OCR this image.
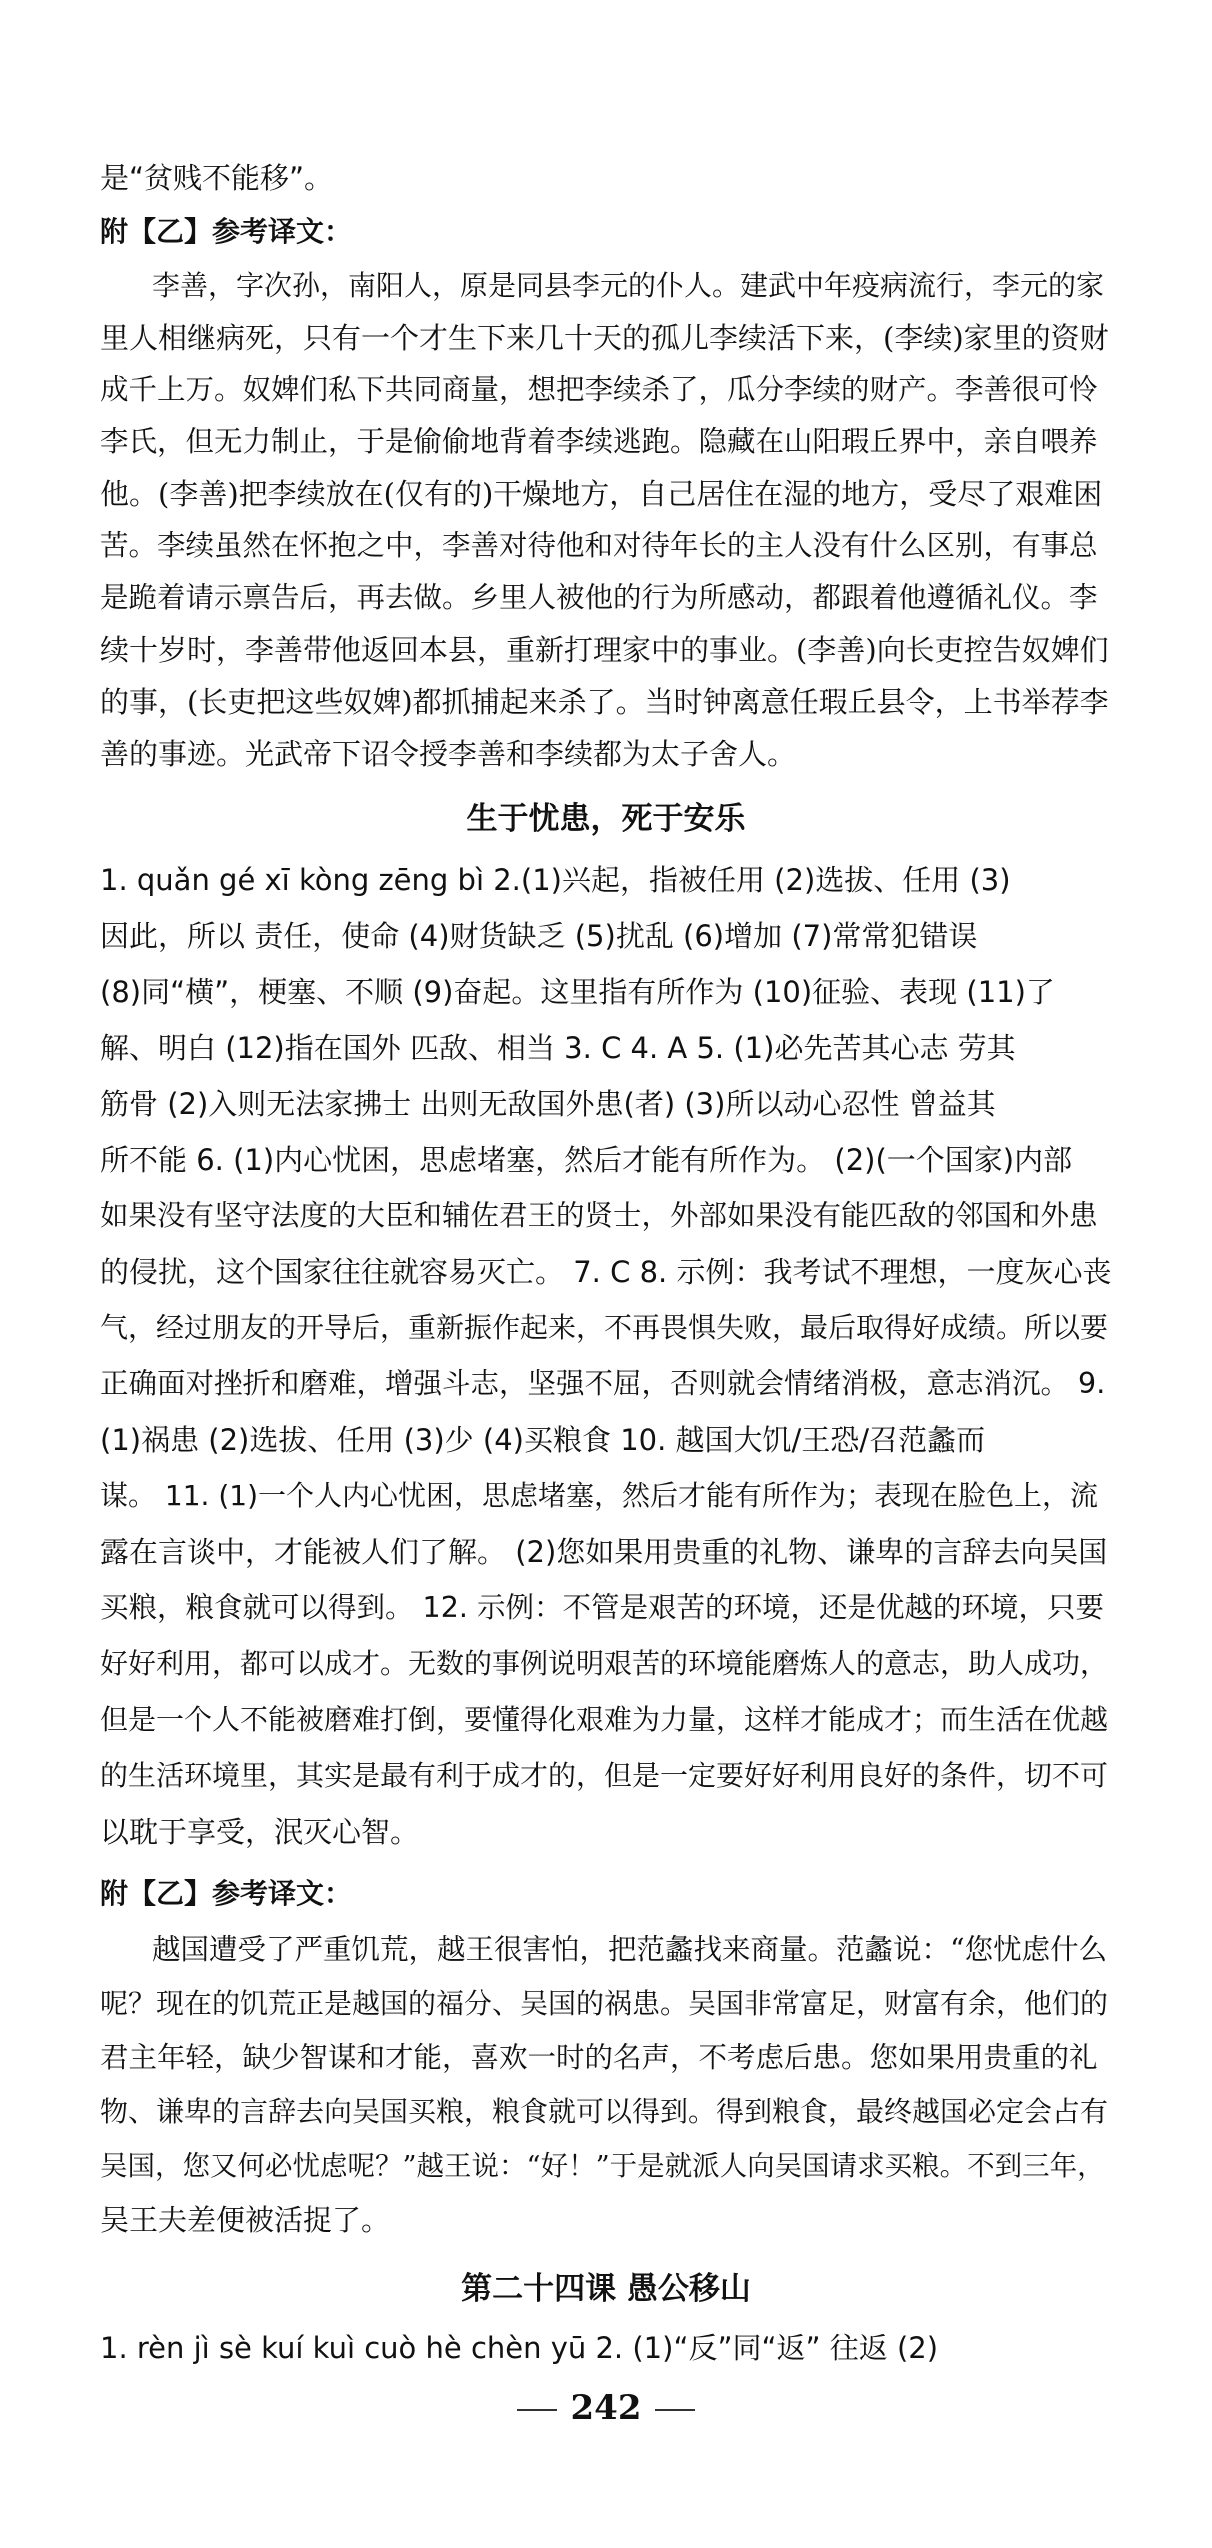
是“贫贱不能移”。
附【乙】参考译文：
李善，字次孙，南阳人，原是同县李元的仆人。建武中年疫病流行，李元的家
里人相继病死，只有一个才生下来几十天的孤儿李续活下来，(李续)家里的资财
成千上万。奴婢们私下共同商量，想把李续杀了，瓜分李续的财产。李善很可怜
李氏，但无力制止，于是偷偷地背着李续逃跑。隐藏在山阳瑕丘界中，亲自喂养
他。(李善)把李续放在(仅有的)干燥地方，自己居住在湿的地方，受尽了艰难困
苦。李续虽然在怀抱之中，李善对待他和对待年长的主人没有什么区别，有事总
是跪着请示禀告后，再去做。乡里人被他的行为所感动，都跟着他遵循礼仪。李
续十岁时，李善带他返回本县，重新打理家中的事业。(李善)向长吏控告奴婢们
的事，(长吏把这些奴婢)都抓捕起来杀了。当时钟离意任瑕丘县令，上书举荐李
善的事迹。光武帝下诏令授李善和李续都为太子舍人。
生于忧患，死于安乐
1. quǎn gé xī kòng zēng bì 2.(1)兴起，指被任用 (2)选拔、任用 (3)
因此，所以 责任，使命 (4)财货缺乏 (5)扰乱 (6)增加 (7)常常犯错误
(8)同“横”，梗塞、不顺 (9)奋起。这里指有所作为 (10)征验、表现 (11)了
解、明白 (12)指在国外 匹敌、相当 3. C 4. A 5. (1)必先苦其心志 劳其
筋骨 (2)入则无法家拂士 出则无敌国外患(者) (3)所以动心忍性 曾益其
所不能 6. (1)内心忧困，思虑堵塞，然后才能有所作为。 (2)(一个国家)内部
如果没有坚守法度的大臣和辅佐君王的贤士，外部如果没有能匹敌的邻国和外患
的侵扰，这个国家往往就容易灭亡。 7. C 8. 示例：我考试不理想，一度灰心丧
气，经过朋友的开导后，重新振作起来，不再畏惧失败，最后取得好成绩。所以要
正确面对挫折和磨难，增强斗志，坚强不屈，否则就会情绪消极，意志消沉。 9.
(1)祸患 (2)选拔、任用 (3)少 (4)买粮食 10. 越国大饥/王恐/召范蠡而
谋。 11. (1)一个人内心忧困，思虑堵塞，然后才能有所作为；表现在脸色上，流
露在言谈中，才能被人们了解。 (2)您如果用贵重的礼物、谦卑的言辞去向吴国
买粮，粮食就可以得到。 12. 示例：不管是艰苦的环境，还是优越的环境，只要
好好利用，都可以成才。无数的事例说明艰苦的环境能磨炼人的意志，助人成功，
但是一个人不能被磨难打倒，要懂得化艰难为力量，这样才能成才；而生活在优越
的生活环境里，其实是最有利于成才的，但是一定要好好利用良好的条件，切不可
以耽于享受，泯灭心智。
附【乙】参考译文：
越国遭受了严重饥荒，越王很害怕，把范蠡找来商量。范蠡说：“您忧虑什么
呢？现在的饥荒正是越国的福分、吴国的祸患。吴国非常富足，财富有余，他们的
君主年轻，缺少智谋和才能，喜欢一时的名声，不考虑后患。您如果用贵重的礼
物、谦卑的言辞去向吴国买粮，粮食就可以得到。得到粮食，最终越国必定会占有
吴国，您又何必忧虑呢？”越王说：“好！”于是就派人向吴国请求买粮。不到三年，
吴王夫差便被活捉了。
第二十四课 愚公移山
1. rèn jì sè kuí kuì cuò hè chèn yū 2. (1)“反”同“返” 往返 (2)
242
